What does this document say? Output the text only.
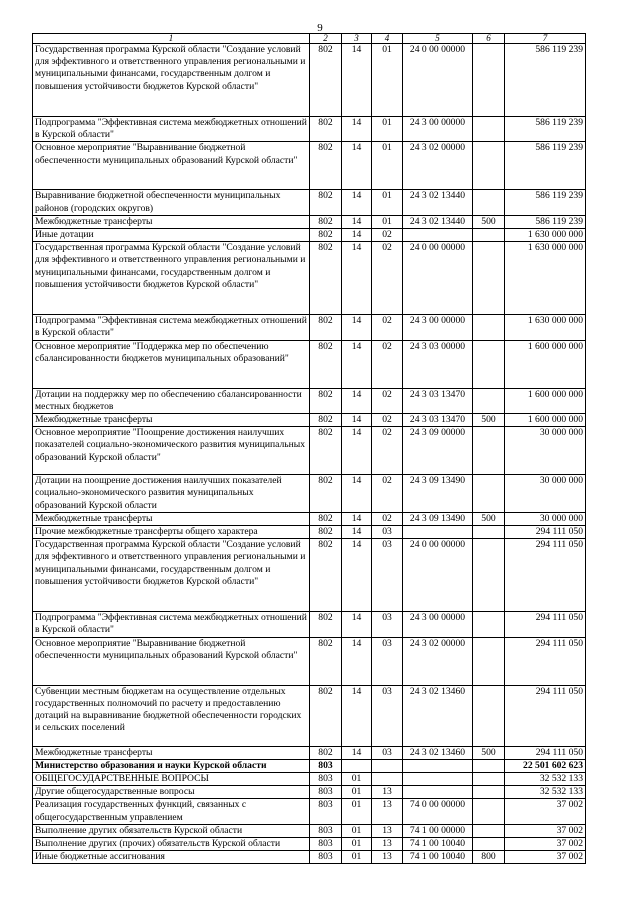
9
1	2	3	4	5	6	7
Государственная программа Курской области "Создание условий для эффективного и ответственного управления региональными и муниципальными финансами, государственным долгом и повышения устойчивости бюджетов Курской области"	802	14	01	24 0 00 00000		586 119 239
Подпрограмма "Эффективная система межбюджетных отношений в Курской области"	802	14	01	24 3 00 00000		586 119 239
Основное мероприятие "Выравнивание бюджетной обеспеченности муниципальных образований Курской области"	802	14	01	24 3 02 00000		586 119 239
Выравнивание бюджетной обеспеченности муниципальных районов (городских округов)	802	14	01	24 3 02 13440		586 119 239
Межбюджетные трансферты	802	14	01	24 3 02 13440	500	586 119 239
Иные дотации	802	14	02			1 630 000 000
Государственная программа Курской области "Создание условий для эффективного и ответственного управления региональными и муниципальными финансами, государственным долгом и повышения устойчивости бюджетов Курской области"	802	14	02	24 0 00 00000		1 630 000 000
Подпрограмма "Эффективная система межбюджетных отношений в Курской области"	802	14	02	24 3 00 00000		1 630 000 000
Основное мероприятие "Поддержка мер по обеспечению сбалансированности бюджетов муниципальных образований"	802	14	02	24 3 03 00000		1 600 000 000
Дотации на поддержку мер по обеспечению сбалансированности местных бюджетов	802	14	02	24 3 03 13470		1 600 000 000
Межбюджетные трансферты	802	14	02	24 3 03 13470	500	1 600 000 000
Основное мероприятие "Поощрение достижения наилучших показателей социально-экономического развития муниципальных образований Курской области"	802	14	02	24 3 09 00000		30 000 000
Дотации на поощрение достижения наилучших показателей социально-экономического развития муниципальных образований Курской области	802	14	02	24 3 09 13490		30 000 000
Межбюджетные трансферты	802	14	02	24 3 09 13490	500	30 000 000
Прочие межбюджетные трансферты общего характера	802	14	03			294 111 050
Государственная программа Курской области "Создание условий для эффективного и ответственного управления региональными и муниципальными финансами, государственным долгом и повышения устойчивости бюджетов Курской области"	802	14	03	24 0 00 00000		294 111 050
Подпрограмма "Эффективная система межбюджетных отношений в Курской области"	802	14	03	24 3 00 00000		294 111 050
Основное мероприятие "Выравнивание бюджетной обеспеченности муниципальных образований Курской области"	802	14	03	24 3 02 00000		294 111 050
Субвенции местным бюджетам на осуществление отдельных государственных полномочий по расчету и предоставлению дотаций на выравнивание бюджетной обеспеченности городских и сельских поселений	802	14	03	24 3 02 13460		294 111 050
Межбюджетные трансферты	802	14	03	24 3 02 13460	500	294 111 050
Министерство образования и науки Курской области	803					22 501 602 623
ОБЩЕГОСУДАРСТВЕННЫЕ ВОПРОСЫ	803	01				32 532 133
Другие общегосударственные вопросы	803	01	13			32 532 133
Реализация государственных функций, связанных с общегосударственным управлением	803	01	13	74 0 00 00000		37 002
Выполнение других обязательств Курской области	803	01	13	74 1 00 00000		37 002
Выполнение других (прочих) обязательств Курской области	803	01	13	74 1 00 10040		37 002
Иные бюджетные ассигнования	803	01	13	74 1 00 10040	800	37 002
